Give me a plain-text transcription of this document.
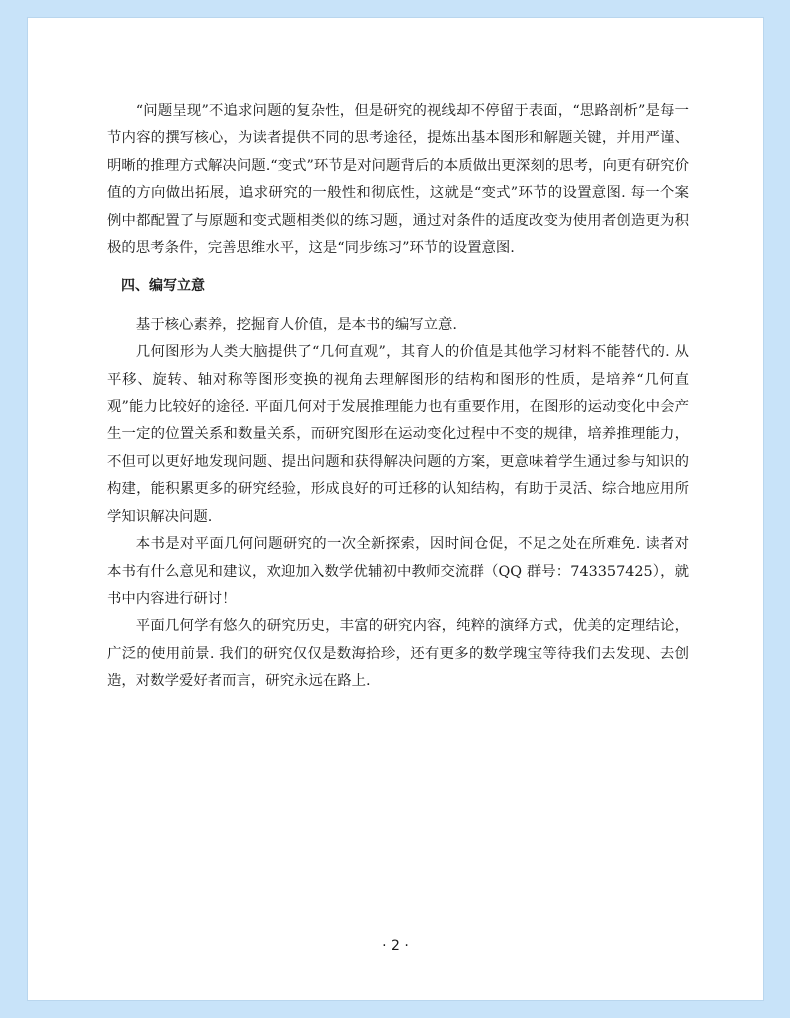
“问题呈现”不追求问题的复杂性，但是研究的视线却不停留于表面，“思路剖析”是每一节内容的撰写核心，为读者提供不同的思考途径，提炼出基本图形和解题关键，并用严谨、明晰的推理方式解决问题.“变式”环节是对问题背后的本质做出更深刻的思考，向更有研究价值的方向做出拓展，追求研究的一般性和彻底性，这就是“变式”环节的设置意图. 每一个案例中都配置了与原题和变式题相类似的练习题，通过对条件的适度改变为使用者创造更为积极的思考条件，完善思维水平，这是“同步练习”环节的设置意图.

四、编写立意

基于核心素养，挖掘育人价值，是本书的编写立意.

几何图形为人类大脑提供了“几何直观”，其育人的价值是其他学习材料不能替代的. 从平移、旋转、轴对称等图形变换的视角去理解图形的结构和图形的性质，是培养“几何直观”能力比较好的途径. 平面几何对于发展推理能力也有重要作用，在图形的运动变化中会产生一定的位置关系和数量关系，而研究图形在运动变化过程中不变的规律，培养推理能力，不但可以更好地发现问题、提出问题和获得解决问题的方案，更意味着学生通过参与知识的构建，能积累更多的研究经验，形成良好的可迁移的认知结构，有助于灵活、综合地应用所学知识解决问题.

本书是对平面几何问题研究的一次全新探索，因时间仓促，不足之处在所难免. 读者对本书有什么意见和建议，欢迎加入数学优辅初中教师交流群（QQ 群号：743357425），就书中内容进行研讨！

平面几何学有悠久的研究历史，丰富的研究内容，纯粹的演绎方式，优美的定理结论，广泛的使用前景. 我们的研究仅仅是数海拾珍，还有更多的数学瑰宝等待我们去发现、去创造，对数学爱好者而言，研究永远在路上.

· 2 ·
